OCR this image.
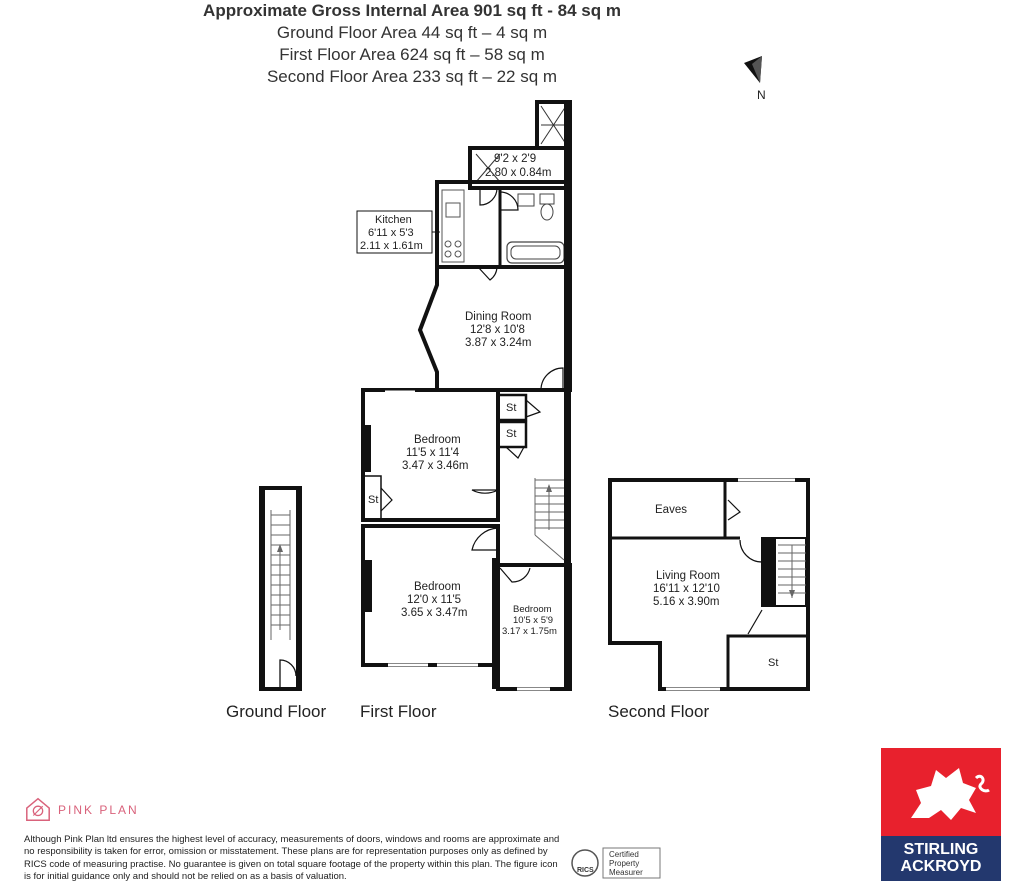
Approximate Gross Internal Area 901 sq ft - 84 sq m
Ground Floor Area 44 sq ft – 4 sq m
First Floor Area 624 sq ft – 58 sq m
Second Floor Area 233 sq ft – 22 sq m
N
9'2 x 2'9
2.80 x 0.84m
Kitchen
6'11 x 5'3
2.11 x 1.61m
Dining Room
12'8 x 10'8
3.87 x 3.24m
Bedroom
11'5 x 11'4
3.47 x 3.46m
St
St
St
Bedroom
12'0 x 11'5
3.65 x 3.47m	Bedroom
10'5 x 5'9
3.17 x 1.75m
Eaves
Living Room
16'11 x 12'10
5.16 x 3.90m
St
Ground Floor First Floor	Second Floor
PINK PLAN
Although Pink Plan ltd ensures the highest level of accuracy, measurements of doors, windows and rooms are approximate and no responsibility is taken for error, omission or misstatement. These plans are for representation purposes only as defined by RICS code of measuring practise. No guarantee is given on total square footage of the property within this plan. The figure icon is for initial guidance only and should not be relied on as a basis of valuation.
RICS
Certified Property Measurer
STIRLING
ACKROYD
